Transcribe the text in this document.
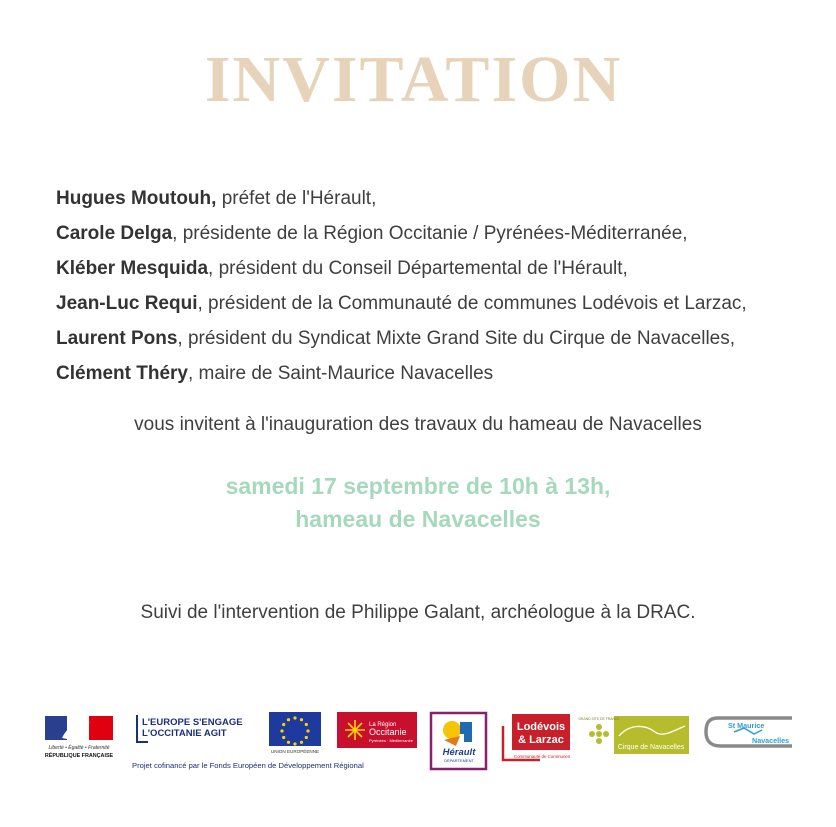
INVITATION
Hugues Moutouh, préfet de l'Hérault,
Carole Delga, présidente de la Région Occitanie / Pyrénées-Méditerranée,
Kléber Mesquida, président du Conseil Départemental de l'Hérault,
Jean-Luc Requi, président de la Communauté de communes Lodévois et Larzac,
Laurent Pons, président du Syndicat Mixte Grand Site du Cirque de Navacelles,
Clément Théry, maire de Saint-Maurice Navacelles
vous invitent à l'inauguration des travaux du hameau de Navacelles
samedi 17 septembre de 10h à 13h,
hameau de Navacelles
Suivi de l'intervention de Philippe Galant, archéologue à la DRAC.
Liberté • Égalité • Fraternité
RÉPUBLIQUE FRANÇAISE
L'EUROPE S'ENGAGE
L'OCCITANIE AGIT
Projet cofinancé par le Fonds Européen de Développement Régional
UNION EUROPÉENNE
La Région
Occitanie
Pyrénées · Méditerranée
Hérault
DÉPARTEMENT
Lodévois
& Larzac
Communauté de Communes
GRAND SITE DE FRANCE
Cirque de Navacelles
St Maurice
Navacelles
